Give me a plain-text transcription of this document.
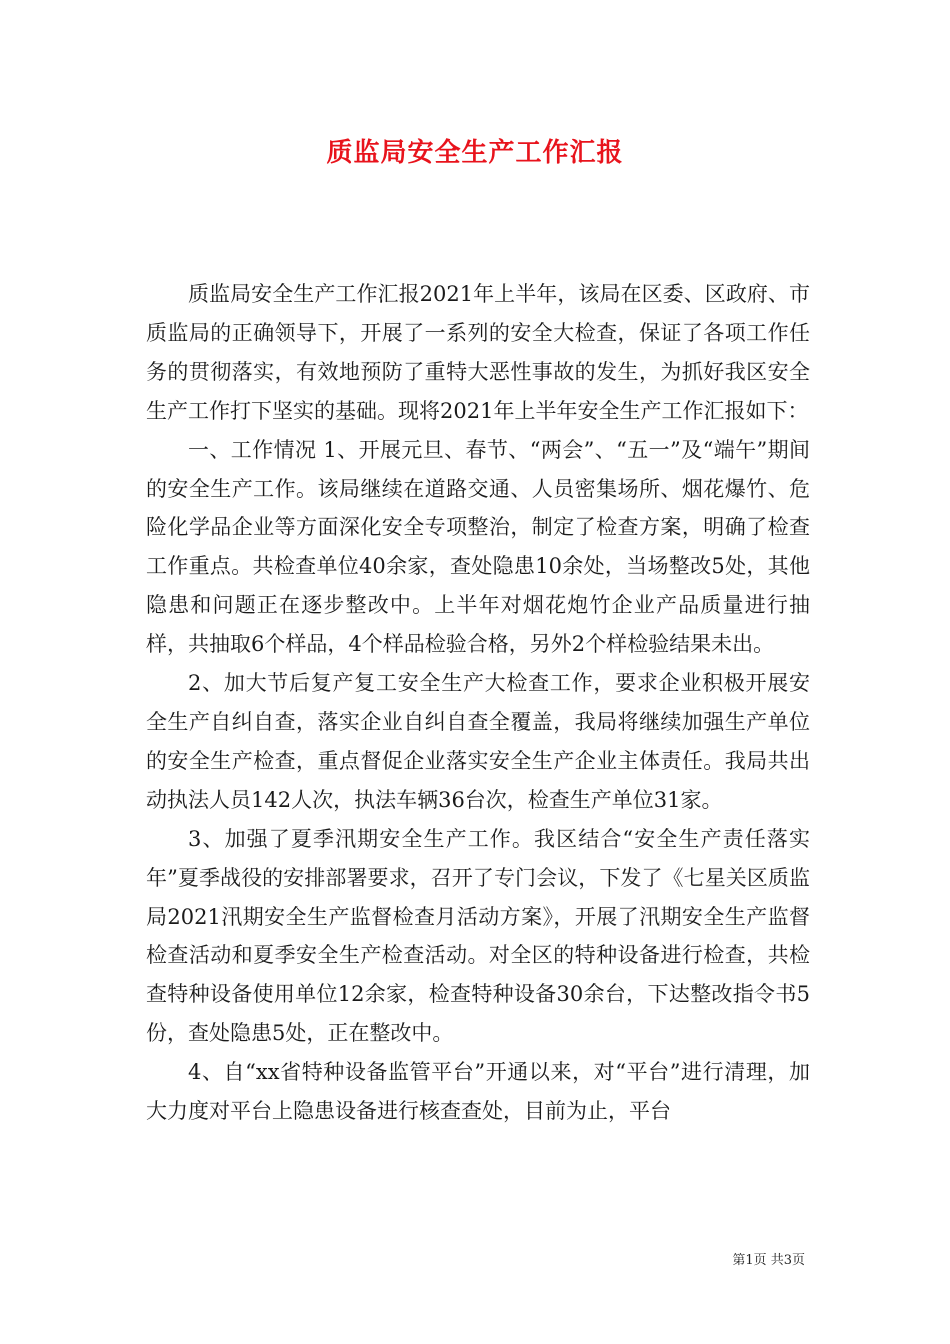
质监局安全生产工作汇报

质监局安全生产工作汇报2021年上半年，该局在区委、区政府、市质监局的正确领导下，开展了一系列的安全大检查，保证了各项工作任务的贯彻落实，有效地预防了重特大恶性事故的发生，为抓好我区安全生产工作打下坚实的基础。现将2021年上半年安全生产工作汇报如下：

一、工作情况 1、开展元旦、春节、“两会”、“五一”及“端午”期间的安全生产工作。该局继续在道路交通、人员密集场所、烟花爆竹、危险化学品企业等方面深化安全专项整治，制定了检查方案，明确了检查工作重点。共检查单位40余家，查处隐患10余处，当场整改5处，其他隐患和问题正在逐步整改中。上半年对烟花炮竹企业产品质量进行抽样，共抽取6个样品，4个样品检验合格，另外2个样检验结果未出。

2、加大节后复产复工安全生产大检查工作，要求企业积极开展安全生产自纠自查，落实企业自纠自查全覆盖，我局将继续加强生产单位的安全生产检查，重点督促企业落实安全生产企业主体责任。我局共出动执法人员142人次，执法车辆36台次，检查生产单位31家。

3、加强了夏季汛期安全生产工作。我区结合“安全生产责任落实年”夏季战役的安排部署要求，召开了专门会议，下发了《七星关区质监局2021汛期安全生产监督检查月活动方案》，开展了汛期安全生产监督检查活动和夏季安全生产检查活动。对全区的特种设备进行检查，共检查特种设备使用单位12余家，检查特种设备30余台，下达整改指令书5份，查处隐患5处，正在整改中。

4、自“xx省特种设备监管平台”开通以来，对“平台”进行清理，加大力度对平台上隐患设备进行核查查处，目前为止，平台

第1页 共3页
